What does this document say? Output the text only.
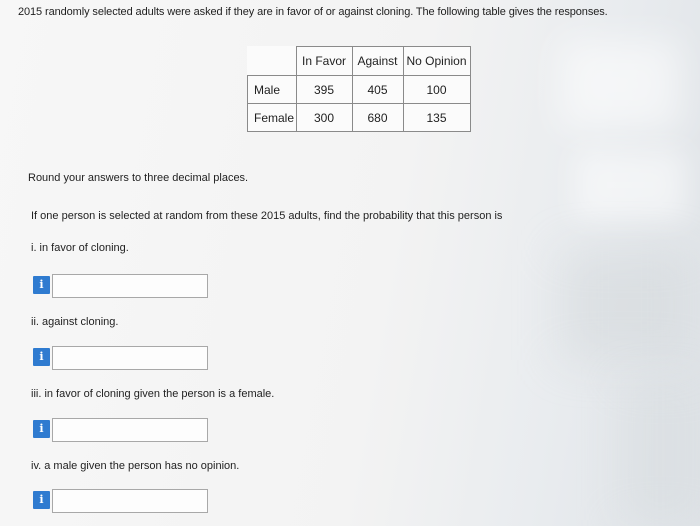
2015 randomly selected adults were asked if they are in favor of or against cloning. The following table gives the responses.
	In Favor	Against	No Opinion
Male	395	405	100
Female	300	680	135
Round your answers to three decimal places.
If one person is selected at random from these 2015 adults, find the probability that this person is
i. in favor of cloning.
i
ii. against cloning.
i
iii. in favor of cloning given the person is a female.
i
iv. a male given the person has no opinion.
i
